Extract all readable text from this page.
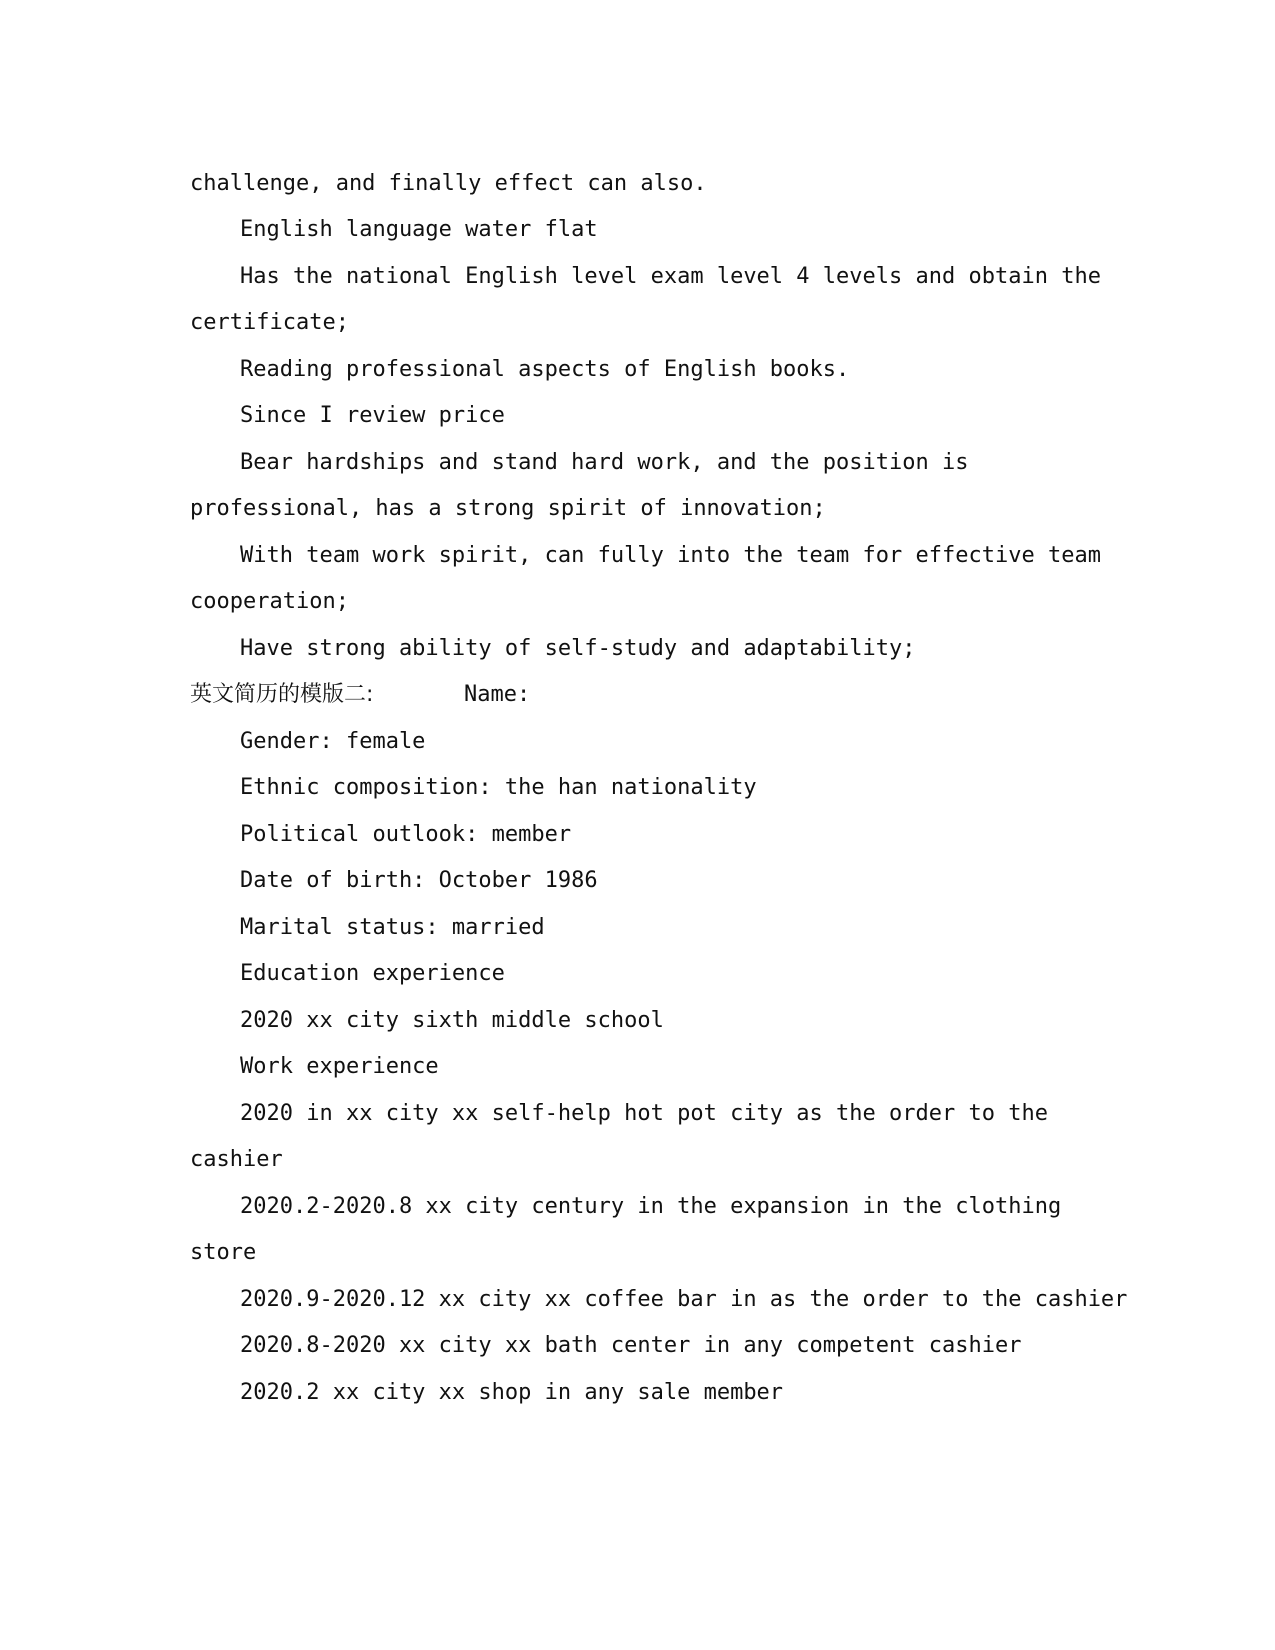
challenge, and finally effect can also.
English language water flat
Has the national English level exam level 4 levels and obtain the
certificate;
Reading professional aspects of English books.
Since I review price
Bear hardships and stand hard work, and the position is
professional, has a strong spirit of innovation;
With team work spirit, can fully into the team for effective team
cooperation;
Have strong ability of self-study and adaptability;
英文简历的模版二:	Name:
Gender: female
Ethnic composition: the han nationality
Political outlook: member
Date of birth: October 1986
Marital status: married
Education experience
2020 xx city sixth middle school
Work experience
2020 in xx city xx self-help hot pot city as the order to the
cashier
2020.2-2020.8 xx city century in the expansion in the clothing
store
2020.9-2020.12 xx city xx coffee bar in as the order to the cashier
2020.8-2020 xx city xx bath center in any competent cashier
2020.2 xx city xx shop in any sale member
